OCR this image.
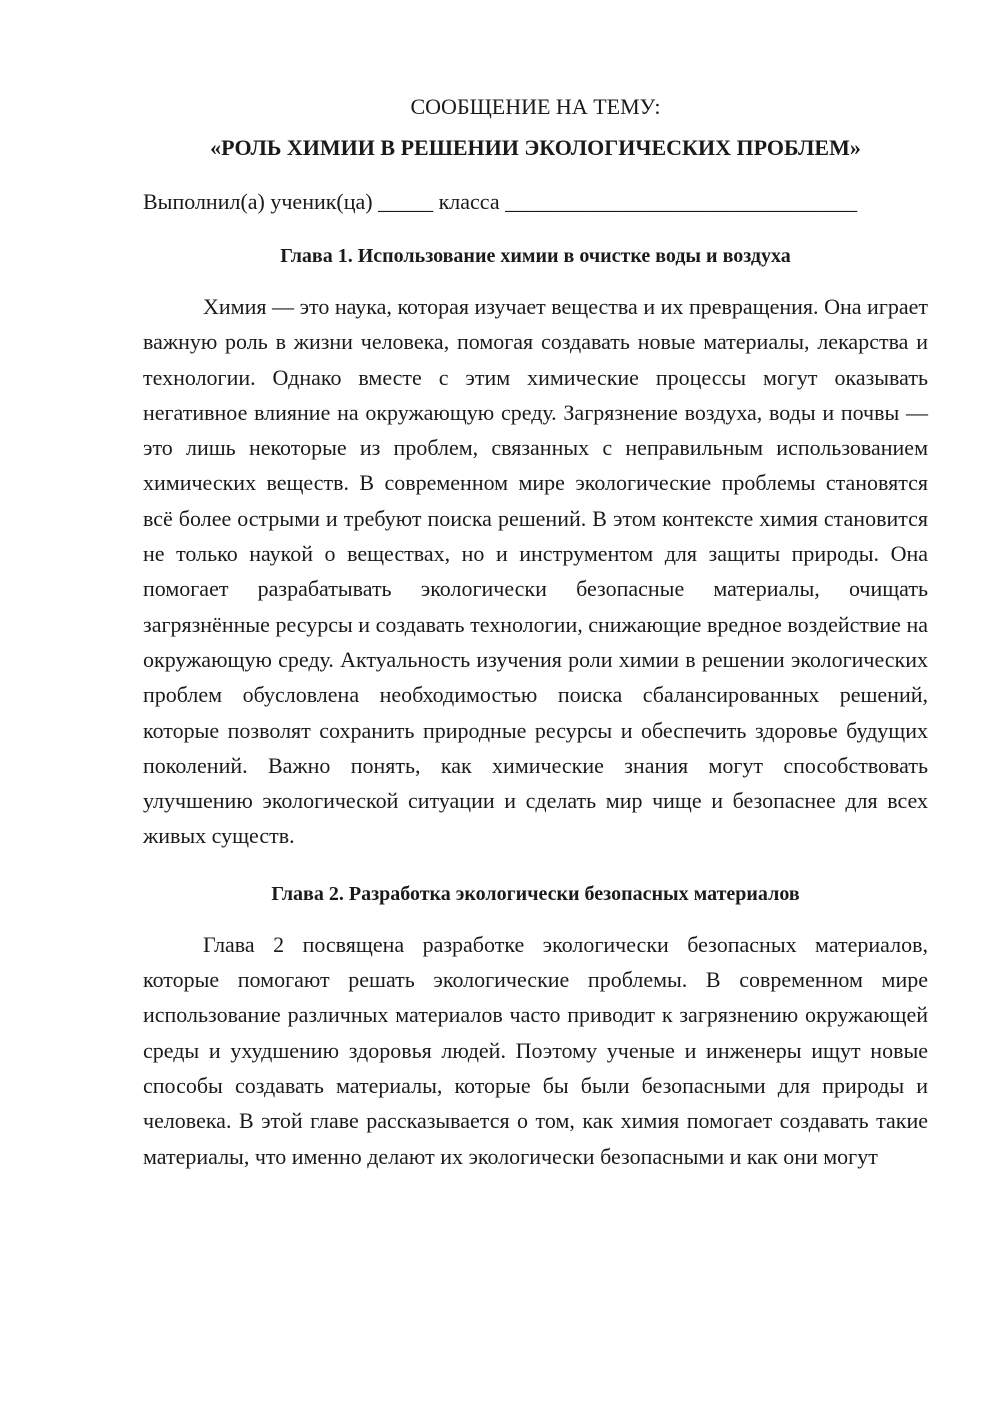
СООБЩЕНИЕ НА ТЕМУ:

«РОЛЬ ХИМИИ В РЕШЕНИИ ЭКОЛОГИЧЕСКИХ ПРОБЛЕМ»

Выполнил(а) ученик(ца) _____ класса ________________________________

Глава 1. Использование химии в очистке воды и воздуха

Химия — это наука, которая изучает вещества и их превращения. Она играет важную роль в жизни человека, помогая создавать новые материалы, лекарства и технологии. Однако вместе с этим химические процессы могут оказывать негативное влияние на окружающую среду. Загрязнение воздуха, воды и почвы — это лишь некоторые из проблем, связанных с неправильным использованием химических веществ. В современном мире экологические проблемы становятся всё более острыми и требуют поиска решений. В этом контексте химия становится не только наукой о веществах, но и инструментом для защиты природы. Она помогает разрабатывать экологически безопасные материалы, очищать загрязнённые ресурсы и создавать технологии, снижающие вредное воздействие на окружающую среду. Актуальность изучения роли химии в решении экологических проблем обусловлена необходимостью поиска сбалансированных решений, которые позволят сохранить природные ресурсы и обеспечить здоровье будущих поколений. Важно понять, как химические знания могут способствовать улучшению экологической ситуации и сделать мир чище и безопаснее для всех живых существ.

Глава 2. Разработка экологически безопасных материалов

Глава 2 посвящена разработке экологически безопасных материалов, которые помогают решать экологические проблемы. В современном мире использование различных материалов часто приводит к загрязнению окружающей среды и ухудшению здоровья людей. Поэтому ученые и инженеры ищут новые способы создавать материалы, которые бы были безопасными для природы и человека. В этой главе рассказывается о том, как химия помогает создавать такие материалы, что именно делают их экологически безопасными и как они могут
